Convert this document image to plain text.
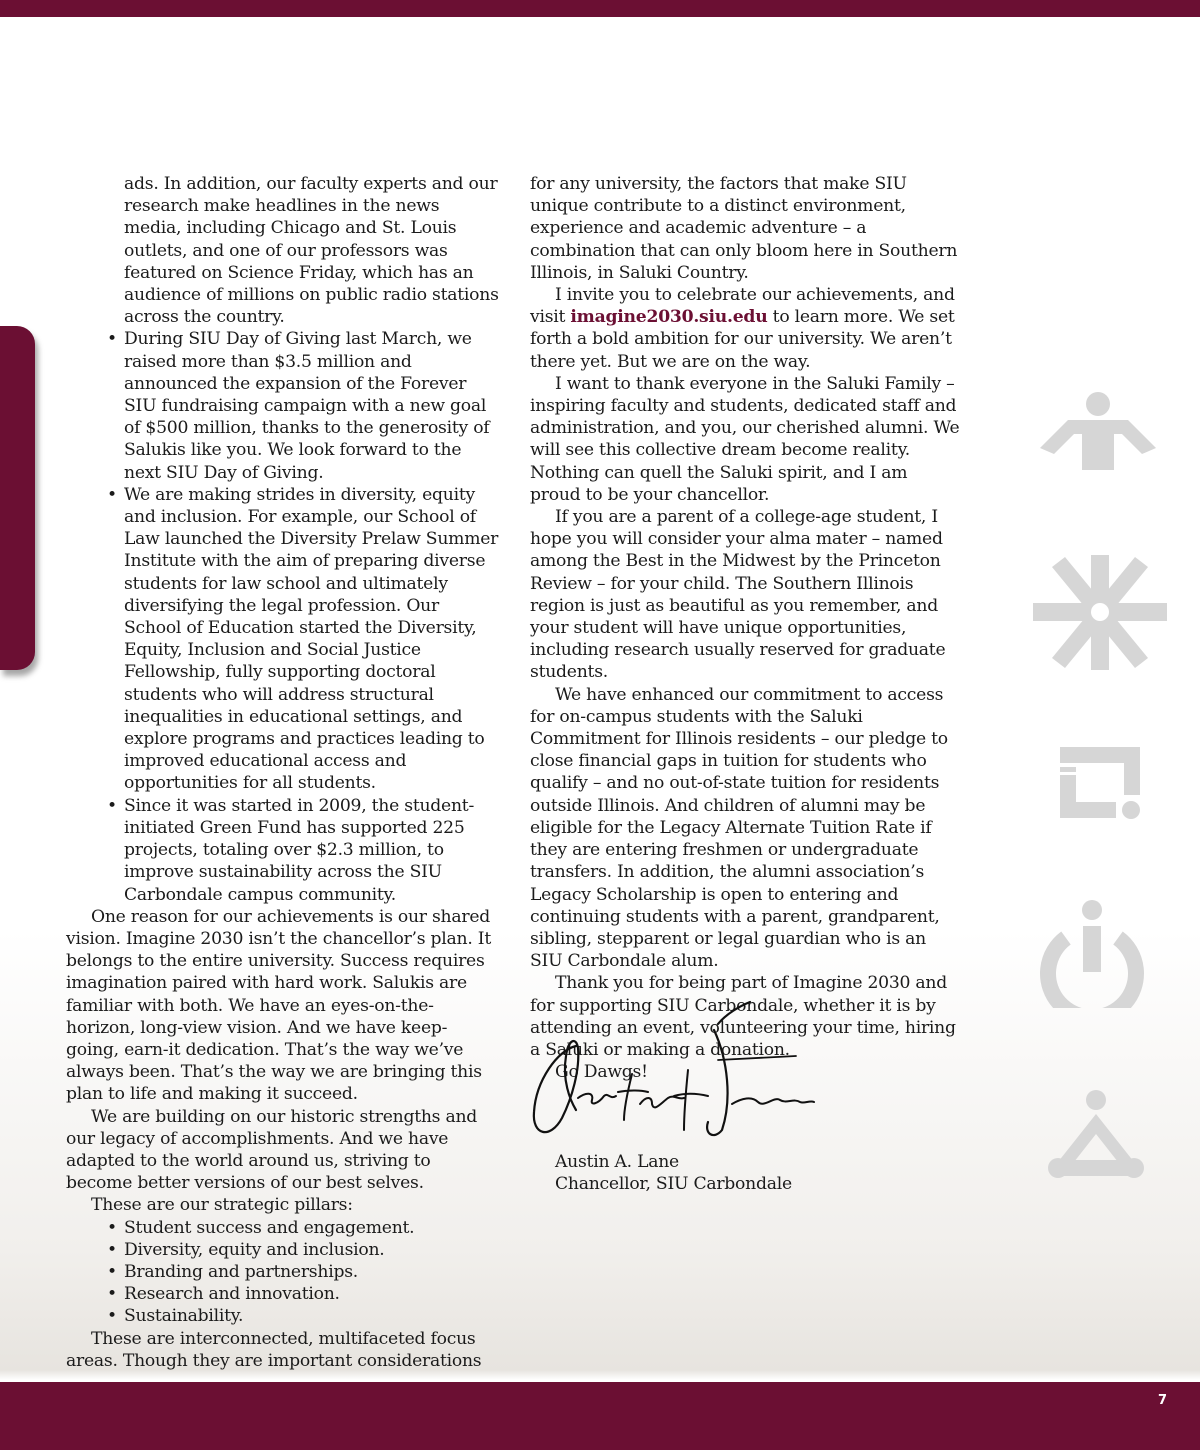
ads. In addition, our faculty experts and our research make headlines in the news media, including Chicago and St. Louis outlets, and one of our professors was featured on Science Friday, which has an audience of millions on public radio stations across the country.
• During SIU Day of Giving last March, we raised more than $3.5 million and announced the expansion of the Forever SIU fundraising campaign with a new goal of $500 million, thanks to the generosity of Salukis like you. We look forward to the next SIU Day of Giving.
• We are making strides in diversity, equity and inclusion. For example, our School of Law launched the Diversity Prelaw Summer Institute with the aim of preparing diverse students for law school and ultimately diversifying the legal profession. Our School of Education started the Diversity, Equity, Inclusion and Social Justice Fellowship, fully supporting doctoral students who will address structural inequalities in educational settings, and explore programs and practices leading to improved educational access and opportunities for all students.
• Since it was started in 2009, the student-initiated Green Fund has supported 225 projects, totaling over $2.3 million, to improve sustainability across the SIU Carbondale campus community.
One reason for our achievements is our shared vision. Imagine 2030 isn’t the chancellor’s plan. It belongs to the entire university. Success requires imagination paired with hard work. Salukis are familiar with both. We have an eyes-on-the-horizon, long-view vision. And we have keep-going, earn-it dedication. That’s the way we’ve always been. That’s the way we are bringing this plan to life and making it succeed.
We are building on our historic strengths and our legacy of accomplishments. And we have adapted to the world around us, striving to become better versions of our best selves.
These are our strategic pillars:
• Student success and engagement.
• Diversity, equity and inclusion.
• Branding and partnerships.
• Research and innovation.
• Sustainability.
These are interconnected, multifaceted focus areas. Though they are important considerations
for any university, the factors that make SIU unique contribute to a distinct environment, experience and academic adventure – a combination that can only bloom here in Southern Illinois, in Saluki Country.
I invite you to celebrate our achievements, and visit imagine2030.siu.edu to learn more. We set forth a bold ambition for our university. We aren’t there yet. But we are on the way.
I want to thank everyone in the Saluki Family – inspiring faculty and students, dedicated staff and administration, and you, our cherished alumni. We will see this collective dream become reality. Nothing can quell the Saluki spirit, and I am proud to be your chancellor.
If you are a parent of a college-age student, I hope you will consider your alma mater – named among the Best in the Midwest by the Princeton Review – for your child. The Southern Illinois region is just as beautiful as you remember, and your student will have unique opportunities, including research usually reserved for graduate students.
We have enhanced our commitment to access for on-campus students with the Saluki Commitment for Illinois residents – our pledge to close financial gaps in tuition for students who qualify – and no out-of-state tuition for residents outside Illinois. And children of alumni may be eligible for the Legacy Alternate Tuition Rate if they are entering freshmen or undergraduate transfers. In addition, the alumni association’s Legacy Scholarship is open to entering and continuing students with a parent, grandparent, sibling, stepparent or legal guardian who is an SIU Carbondale alum.
Thank you for being part of Imagine 2030 and for supporting SIU Carbondale, whether it is by attending an event, volunteering your time, hiring a Saluki or making a donation.
Go Dawgs!
Austin A. Lane
Chancellor, SIU Carbondale
7
